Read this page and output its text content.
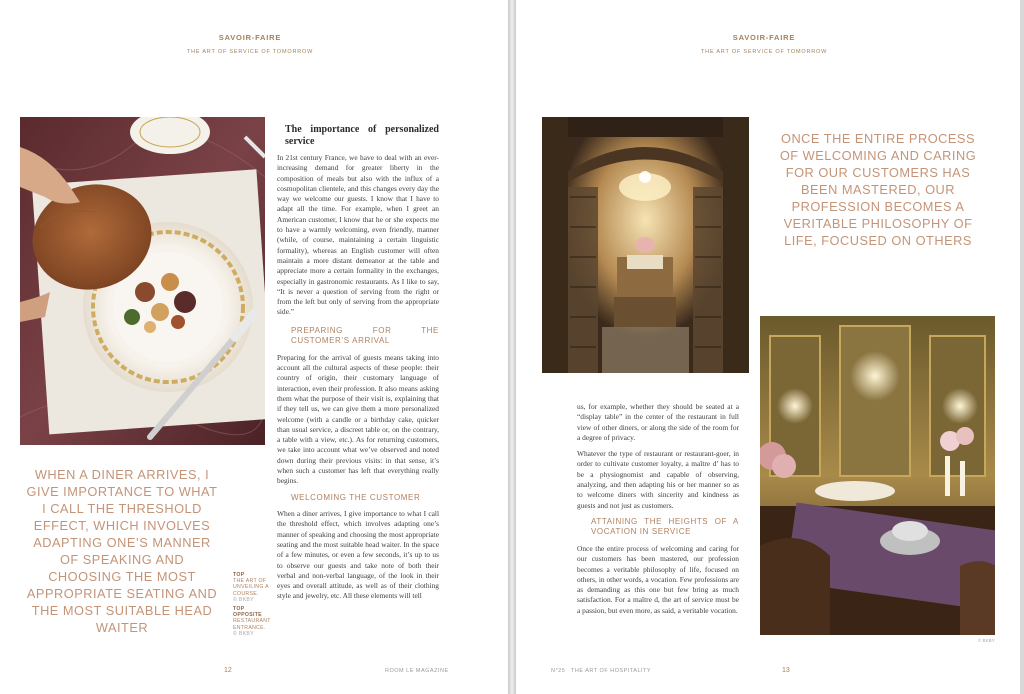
SAVOIR-FAIRE
THE ART OF SERVICE OF TOMORROW
The importance of personalized service

In 21st century France, we have to deal with an ever-increasing demand for greater liberty in the composition of meals but also with the influx of a cosmopolitan clientele, and this changes every day the way we welcome our guests. I know that I have to adapt all the time. For example, when I greet an American customer, I know that he or she expects me to have a warmly welcoming, even friendly, manner (while, of course, maintaining a certain linguistic formality), whereas an English customer will often maintain a more distant demeanor at the table and appreciate more a certain formality in the exchanges, especially in gastronomic restaurants. As I like to say, “It is never a question of serving from the right or from the left but only of serving from the appropriate side.”

PREPARING FOR THE CUSTOMER’S ARRIVAL

Preparing for the arrival of guests means taking into account all the cultural aspects of these people: their country of origin, their customary language of interaction, even their profession. It also means asking them what the purpose of their visit is, explaining that if they tell us, we can give them a more personalized welcome (with a candle or a birthday cake, quicker than usual service, a discreet table or, on the contrary, a table with a view, etc.). As for returning customers, we take into account what we’ve observed and noted down during their previous visits: in that sense, it’s when such a customer has left that everything really begins.

WELCOMING THE CUSTOMER

When a diner arrives, I give importance to what I call the threshold effect, which involves adapting one’s manner of speaking and choosing the most appropriate seating and the most suitable head waiter. In the space of a few minutes, or even a few seconds, it’s up to us to observe our guests and take note of both their verbal and non-verbal language, of the look in their eyes and overall attitude, as well as of their clothing style and jewelry, etc. All these elements will tell

WHEN A DINER ARRIVES, I GIVE IMPORTANCE TO WHAT I CALL THE THRESHOLD EFFECT, WHICH INVOLVES ADAPTING ONE’S MANNER OF SPEAKING AND CHOOSING THE MOST APPROPRIATE SEATING AND THE MOST SUITABLE HEAD WAITER
TOP
THE ART OF UNVEILING A COURSE.
© BKBY
TOP OPPOSITE
RESTAURANT ENTRANCE.
© BKBY
12	ROOM LE MAGAZINE
SAVOIR-FAIRE
THE ART OF SERVICE OF TOMORROW
ONCE THE ENTIRE PROCESS OF WELCOMING AND CARING FOR OUR CUSTOMERS HAS BEEN MASTERED, OUR PROFESSION BECOMES A VERITABLE PHILOSOPHY OF LIFE, FOCUSED ON OTHERS

us, for example, whether they should be seated at a “display table” in the center of the restaurant in full view of other diners, or along the side of the room for a degree of privacy.

Whatever the type of restaurant or restaurant-goer, in order to cultivate customer loyalty, a maître d’ has to be a physiognomist and capable of observing, analyzing, and then adapting his or her manner so as to welcome diners with sincerity and kindness as guests and not just as customers.

ATTAINING THE HEIGHTS OF A VOCATION IN SERVICE

Once the entire process of welcoming and caring for our customers has been mastered, our profession becomes a veritable philosophy of life, focused on others, in other words, a vocation. Few professions are as demanding as this one but few bring as much satisfaction. For a maître d, the art of service must be a passion, but even more, as said, a veritable vocation.

© BKBY
N°25 THE ART OF HOSPITALITY	13
